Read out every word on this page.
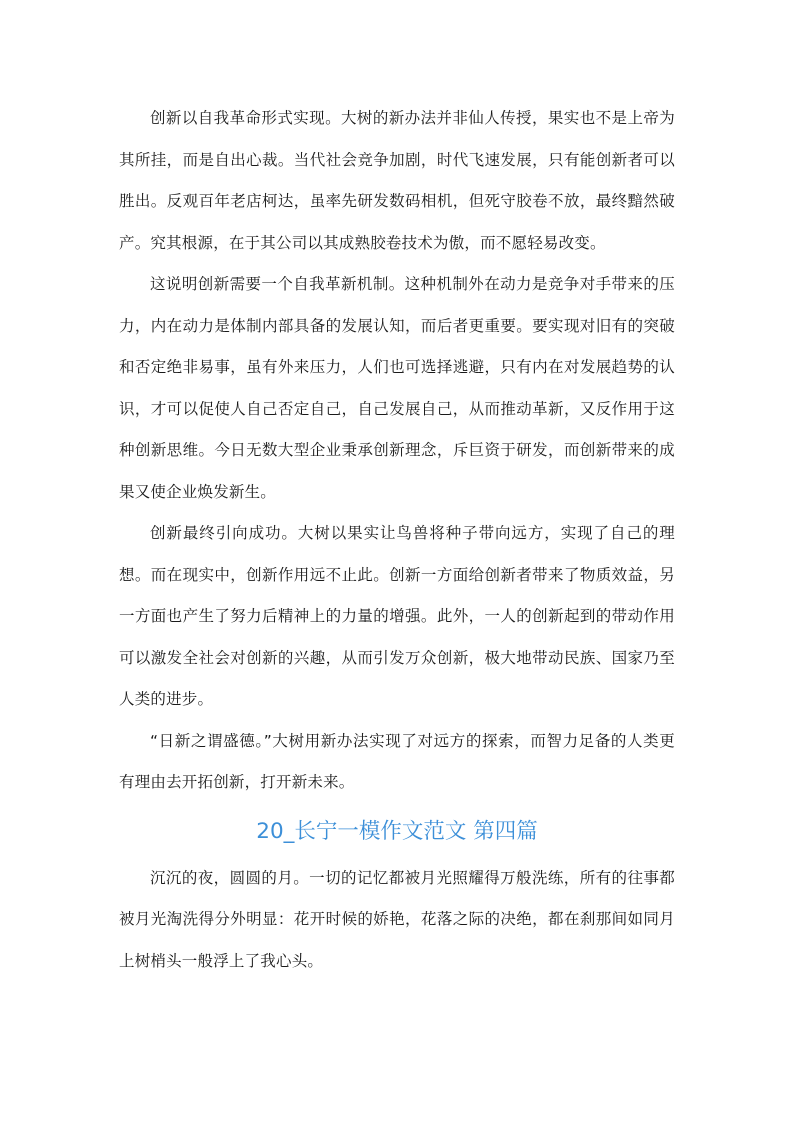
创新以自我革命形式实现。大树的新办法并非仙人传授，果实也不是上帝为其所挂，而是自出心裁。当代社会竞争加剧，时代飞速发展，只有能创新者可以胜出。反观百年老店柯达，虽率先研发数码相机，但死守胶卷不放，最终黯然破产。究其根源，在于其公司以其成熟胶卷技术为傲，而不愿轻易改变。

这说明创新需要一个自我革新机制。这种机制外在动力是竞争对手带来的压力，内在动力是体制内部具备的发展认知，而后者更重要。要实现对旧有的突破和否定绝非易事，虽有外来压力，人们也可选择逃避，只有内在对发展趋势的认识，才可以促使人自己否定自己，自己发展自己，从而推动革新，又反作用于这种创新思维。今日无数大型企业秉承创新理念，斥巨资于研发，而创新带来的成果又使企业焕发新生。

创新最终引向成功。大树以果实让鸟兽将种子带向远方，实现了自己的理想。而在现实中，创新作用远不止此。创新一方面给创新者带来了物质效益，另一方面也产生了努力后精神上的力量的增强。此外，一人的创新起到的带动作用可以激发全社会对创新的兴趣，从而引发万众创新，极大地带动民族、国家乃至人类的进步。

“日新之谓盛德。”大树用新办法实现了对远方的探索，而智力足备的人类更有理由去开拓创新，打开新未来。

20_长宁一模作文范文 第四篇

沉沉的夜，圆圆的月。一切的记忆都被月光照耀得万般洗练，所有的往事都被月光淘洗得分外明显：花开时候的娇艳，花落之际的决绝，都在刹那间如同月上树梢头一般浮上了我心头。
